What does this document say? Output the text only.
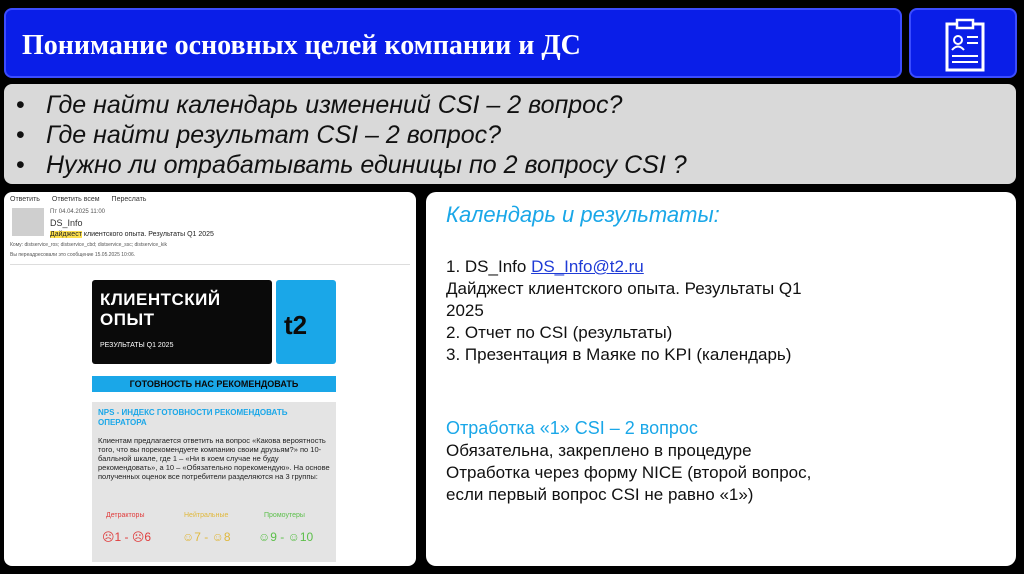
Понимание основных целей компании и ДС
• Где найти календарь изменений CSI – 2 вопрос?
• Где найти результат CSI – 2 вопрос?
• Нужно ли отрабатывать единицы по 2 вопросу CSI ?
Ответить Ответить всем Переслать
Пт 04.04.2025 11:00
DS_Info
Дайджест клиентского опыта. Результаты Q1 2025
Кому: distservice_ros; distservice_cbd; distservice_ssc; distservice_kik
Вы переадресовали это сообщение 15.05.2025 10:06.
КЛИЕНТСКИЙ ОПЫТ
РЕЗУЛЬТАТЫ Q1 2025
t2
ГОТОВНОСТЬ НАС РЕКОМЕНДОВАТЬ
NPS - ИНДЕКС ГОТОВНОСТИ РЕКОМЕНДОВАТЬ ОПЕРАТОРА
Клиентам предлагается ответить на вопрос «Какова вероятность того, что вы порекомендуете компанию своим друзьям?» по 10-балльной шкале, где 1 – «Ни в коем случае не буду рекомендовать», а 10 – «Обязательно порекомендую». На основе полученных оценок все потребители разделяются на 3 группы:
Детракторы	Нейтральные	Промоутеры
☹1 - ☹6	☺7 - ☺8 ☺9 - ☺10
Календарь и результаты:
1. DS_Info DS_Info@t2.ru
Дайджест клиентского опыта. Результаты Q1
2025
2. Отчет по CSI (результаты)
3. Презентация в Маяке по KPI (календарь)
Отработка «1» CSI – 2 вопрос
Обязательна, закреплено в процедуре
Отработка через форму NICE (второй вопрос,
если первый вопрос CSI не равно «1»)
